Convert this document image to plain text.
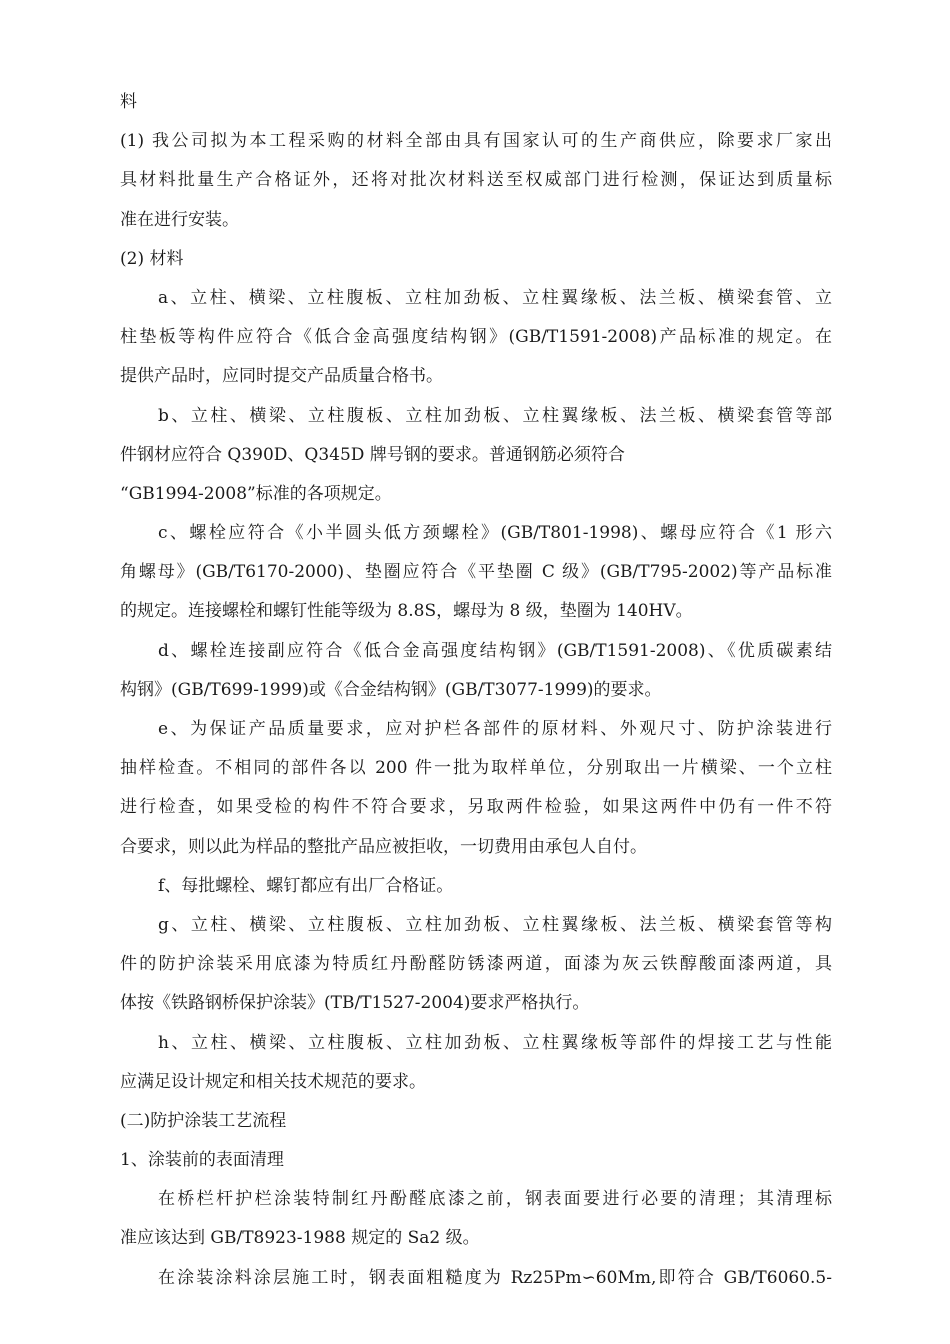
料
(1) 我公司拟为本工程采购的材料全部由具有国家认可的生产商供应，除要求厂家出
具材料批量生产合格证外，还将对批次材料送至权威部门进行检测，保证达到质量标
准在进行安装。
(2) 材料
a、立柱、横梁、立柱腹板、立柱加劲板、立柱翼缘板、法兰板、横梁套管、立
柱垫板等构件应符合《低合金高强度结构钢》(GB/T1591-2008)产品标准的规定。在
提供产品时，应同时提交产品质量合格书。
b、立柱、横梁、立柱腹板、立柱加劲板、立柱翼缘板、法兰板、横梁套管等部
件钢材应符合 Q390D、Q345D 牌号钢的要求。普通钢筋必须符合
“GB1994-2008”标准的各项规定。
c、螺栓应符合《小半圆头低方颈螺栓》(GB/T801-1998)、螺母应符合《1 形六
角螺母》(GB/T6170-2000)、垫圈应符合《平垫圈 C 级》(GB/T795-2002)等产品标准
的规定。连接螺栓和螺钉性能等级为 8.8S，螺母为 8 级，垫圈为 140HV。
d、螺栓连接副应符合《低合金高强度结构钢》(GB/T1591-2008)、《优质碳素结
构钢》(GB/T699-1999)或《合金结构钢》(GB/T3077-1999)的要求。
e、为保证产品质量要求，应对护栏各部件的原材料、外观尺寸、防护涂装进行
抽样检查。不相同的部件各以 200 件一批为取样单位，分别取出一片横梁、一个立柱
进行检查，如果受检的构件不符合要求，另取两件检验，如果这两件中仍有一件不符
合要求，则以此为样品的整批产品应被拒收，一切费用由承包人自付。
f、每批螺栓、螺钉都应有出厂合格证。
g、立柱、横梁、立柱腹板、立柱加劲板、立柱翼缘板、法兰板、横梁套管等构
件的防护涂装采用底漆为特质红丹酚醛防锈漆两道，面漆为灰云铁醇酸面漆两道，具
体按《铁路钢桥保护涂装》(TB/T1527-2004)要求严格执行。
h、立柱、横梁、立柱腹板、立柱加劲板、立柱翼缘板等部件的焊接工艺与性能
应满足设计规定和相关技术规范的要求。
(二)防护涂装工艺流程
1、涂装前的表面清理
在桥栏杆护栏涂装特制红丹酚醛底漆之前，钢表面要进行必要的清理；其清理标
准应该达到 GB/T8923-1988 规定的 Sa2 级。
在涂装涂料涂层施工时，钢表面粗糙度为 Rz25Pm∽60Mm,即符合 GB/T6060.5-
